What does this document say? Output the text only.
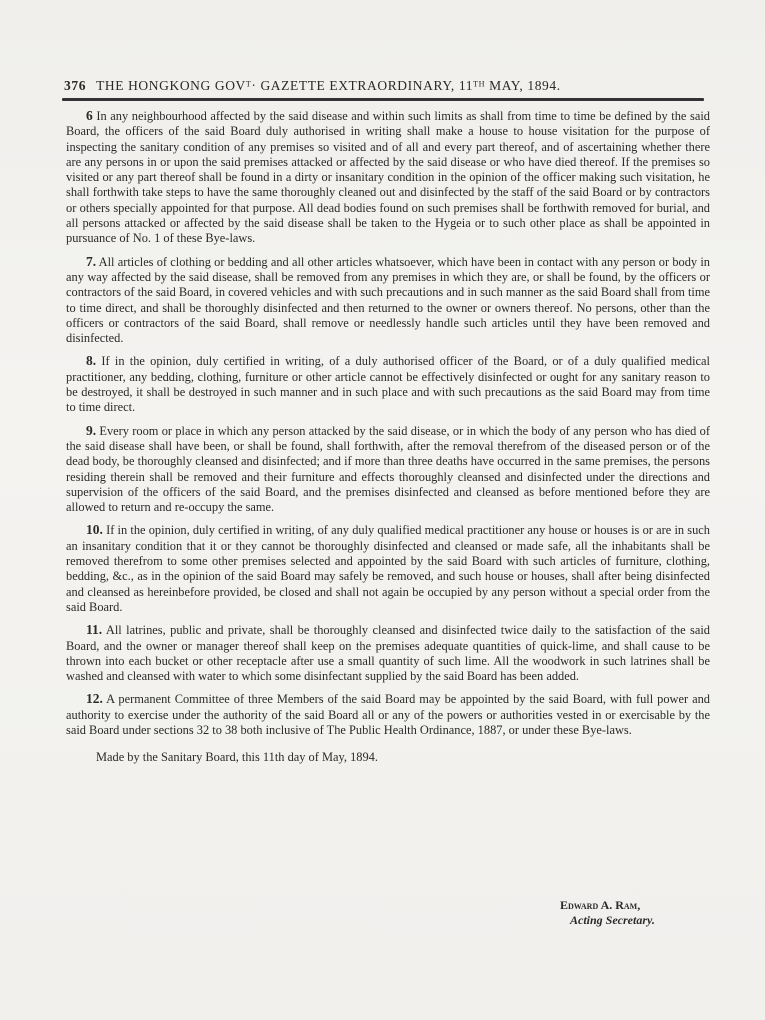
376 THE HONGKONG GOVᵀ· GAZETTE EXTRAORDINARY, 11ᵀᴴ MAY, 1894.

6 In any neighbourhood affected by the said disease and within such limits as shall from time to time be defined by the said Board, the officers of the said Board duly authorised in writing shall make a house to house visitation for the purpose of inspecting the sanitary condition of any premises so visited and of all and every part thereof, and of ascertaining whether there are any persons in or upon the said premises attacked or affected by the said disease or who have died thereof. If the premises so visited or any part thereof shall be found in a dirty or insanitary condition in the opinion of the officer making such visitation, he shall forthwith take steps to have the same thoroughly cleaned out and disinfected by the staff of the said Board or by contractors or others specially appointed for that purpose. All dead bodies found on such premises shall be forthwith removed for burial, and all persons attacked or affected by the said disease shall be taken to the Hygeia or to such other place as shall be appointed in pursuance of No. 1 of these Bye-laws.

7. All articles of clothing or bedding and all other articles whatsoever, which have been in contact with any person or body in any way affected by the said disease, shall be removed from any premises in which they are, or shall be found, by the officers or contractors of the said Board, in covered vehicles and with such precautions and in such manner as the said Board shall from time to time direct, and shall be thoroughly disinfected and then returned to the owner or owners thereof. No persons, other than the officers or contractors of the said Board, shall remove or needlessly handle such articles until they have been removed and disinfected.

8. If in the opinion, duly certified in writing, of a duly authorised officer of the Board, or of a duly qualified medical practitioner, any bedding, clothing, furniture or other article cannot be effectively disinfected or ought for any sanitary reason to be destroyed, it shall be destroyed in such manner and in such place and with such precautions as the said Board may from time to time direct.

9. Every room or place in which any person attacked by the said disease, or in which the body of any person who has died of the said disease shall have been, or shall be found, shall forthwith, after the removal therefrom of the diseased person or of the dead body, be thoroughly cleansed and disinfected; and if more than three deaths have occurred in the same premises, the persons residing therein shall be removed and their furniture and effects thoroughly cleansed and disinfected under the directions and supervision of the officers of the said Board, and the premises disinfected and cleansed as before mentioned before they are allowed to return and re-occupy the same.

10. If in the opinion, duly certified in writing, of any duly qualified medical practitioner any house or houses is or are in such an insanitary condition that it or they cannot be thoroughly disinfected and cleansed or made safe, all the inhabitants shall be removed therefrom to some other premises selected and appointed by the said Board with such articles of furniture, clothing, bedding, &c., as in the opinion of the said Board may safely be removed, and such house or houses, shall after being disinfected and cleansed as hereinbefore provided, be closed and shall not again be occupied by any person without a special order from the said Board.

11. All latrines, public and private, shall be thoroughly cleansed and disinfected twice daily to the satisfaction of the said Board, and the owner or manager thereof shall keep on the premises adequate quantities of quick-lime, and shall cause to be thrown into each bucket or other receptacle after use a small quantity of such lime. All the woodwork in such latrines shall be washed and cleansed with water to which some disinfectant supplied by the said Board has been added.

12. A permanent Committee of three Members of the said Board may be appointed by the said Board, with full power and authority to exercise under the authority of the said Board all or any of the powers or authorities vested in or exercisable by the said Board under sections 32 to 38 both inclusive of The Public Health Ordinance, 1887, or under these Bye-laws.

Made by the Sanitary Board, this 11th day of May, 1894.

Edward A. Ram,
Acting Secretary.
